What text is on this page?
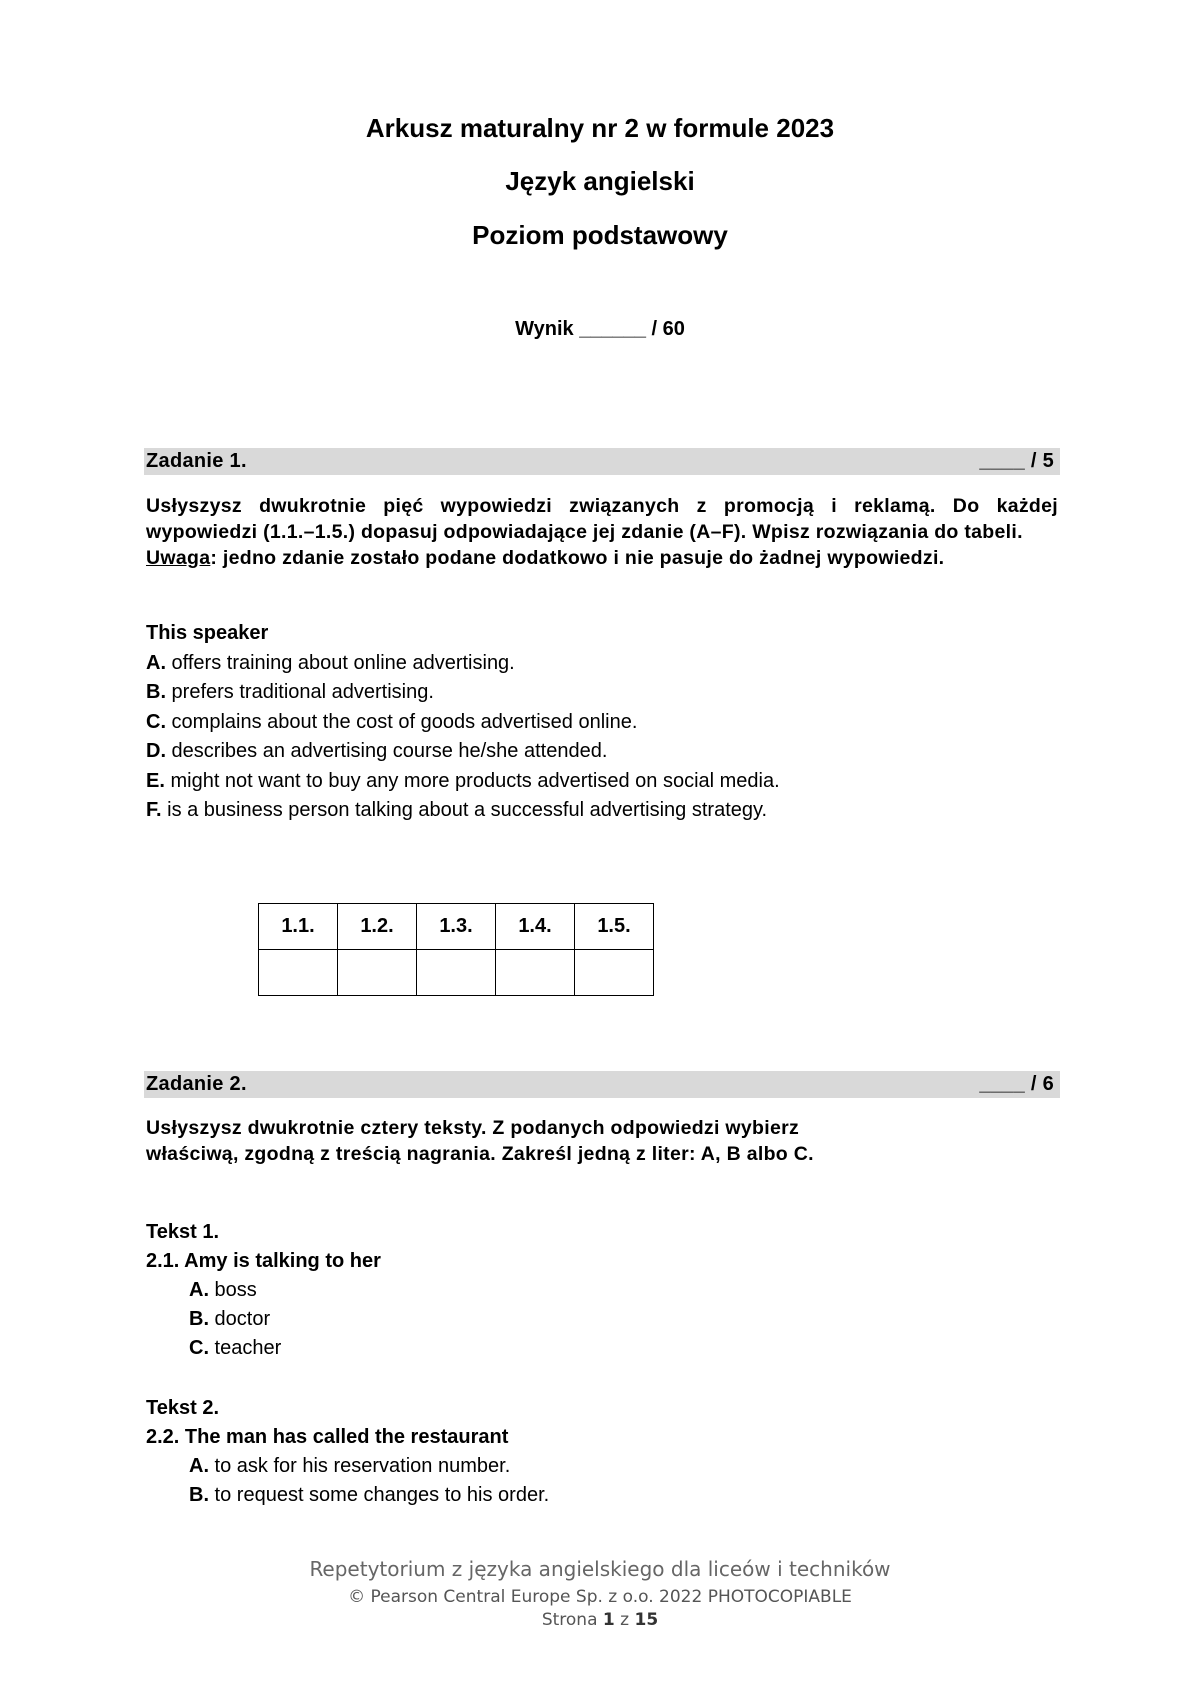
Arkusz maturalny nr 2 w formule 2023
Język angielski
Poziom podstawowy
Wynik ______ / 60
Zadanie 1.	____ / 5
Usłyszysz dwukrotnie pięć wypowiedzi związanych z promocją i reklamą. Do każdej wypowiedzi (1.1.–1.5.) dopasuj odpowiadające jej zdanie (A–F). Wpisz rozwiązania do tabeli.
Uwaga: jedno zdanie zostało podane dodatkowo i nie pasuje do żadnej wypowiedzi.
This speaker
A. offers training about online advertising.
B. prefers traditional advertising.
C. complains about the cost of goods advertised online.
D. describes an advertising course he/she attended.
E. might not want to buy any more products advertised on social media.
F. is a business person talking about a successful advertising strategy.
1.1.	1.2.	1.3.	1.4.	1.5.

Zadanie 2.	____ / 6
Usłyszysz dwukrotnie cztery teksty. Z podanych odpowiedzi wybierz właściwą, zgodną z treścią nagrania. Zakreśl jedną z liter: A, B albo C.
Tekst 1.
2.1. Amy is talking to her
A. boss
B. doctor
C. teacher
Tekst 2.
2.2. The man has called the restaurant
A. to ask for his reservation number.
B. to request some changes to his order.
Repetytorium z języka angielskiego dla liceów i techników
© Pearson Central Europe Sp. z o.o. 2022 PHOTOCOPIABLE
Strona 1 z 15
